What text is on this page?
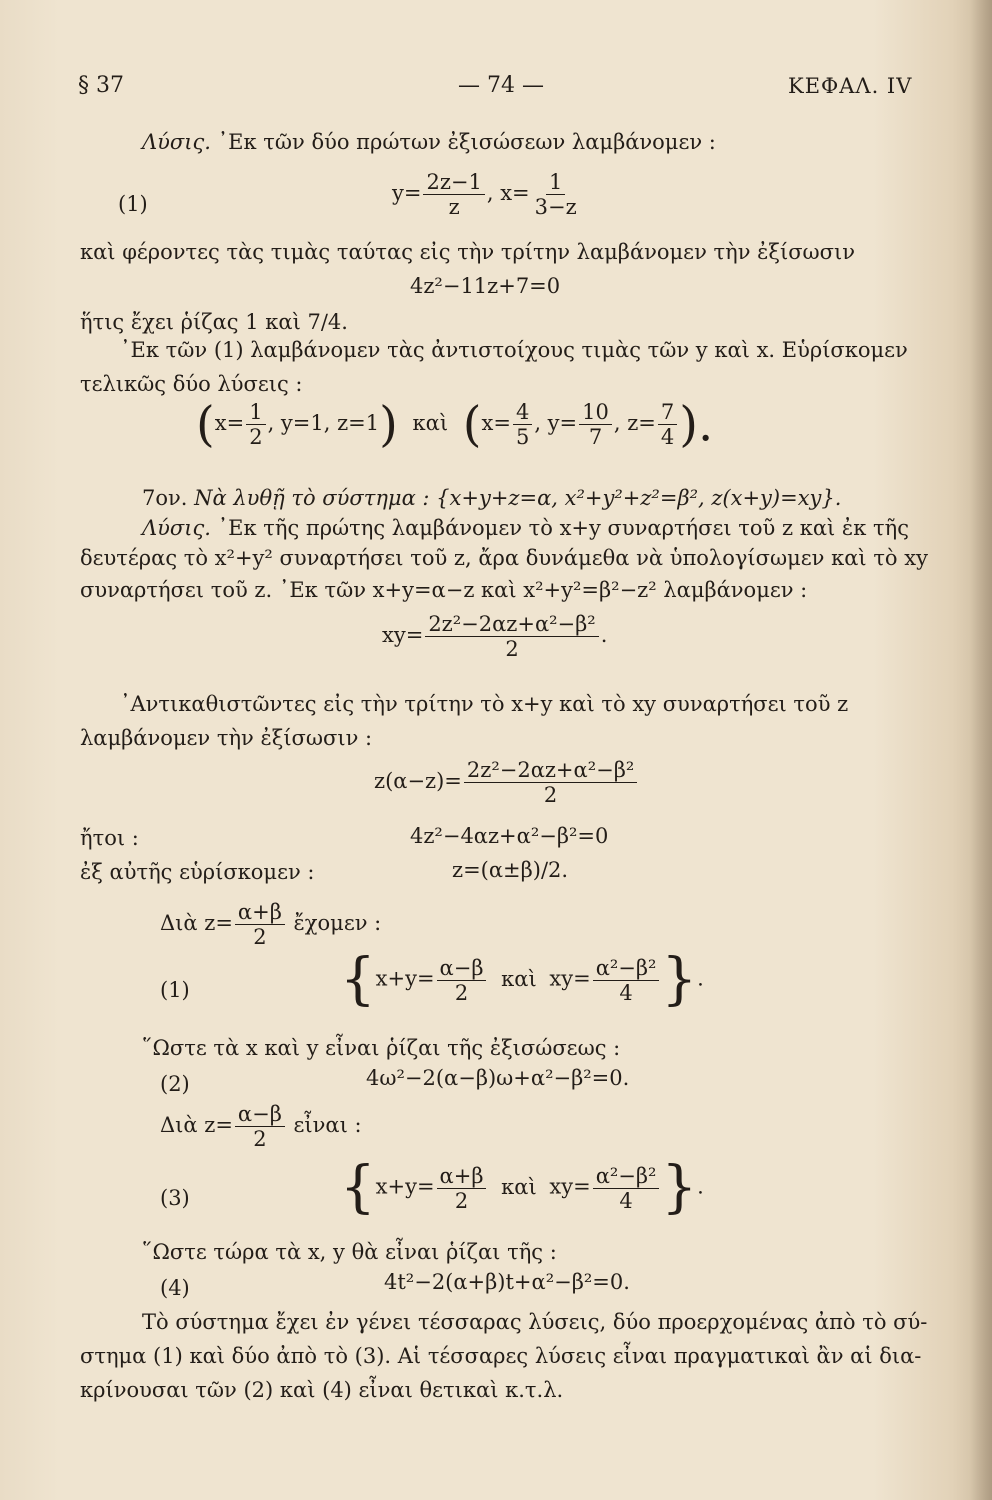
§ 37	— 74 —	ΚΕΦΑΛ. IV
Λύσις. ᾿Εκ τῶν δύο πρώτων ἐξισώσεων λαμβάνομεν :
(1)	$y= \frac{2z-1}{z}$ , $x= \frac{1}{3-z}$
καὶ φέροντες τὰς τιμὰς ταύτας εἰς τὴν τρίτην λαμβάνομεν τὴν ἐξίσωσιν
4z²−11z+7=0
ἥτις ἔχει ῥίζας 1 καὶ 7∕4.
᾿Εκ τῶν (1) λαμβάνομεν τὰς ἀντιστοίχους τιμὰς τῶν y καὶ x. Εὑρίσκομεν
τελικῶς δύο λύσεις :
($x= \frac{1}{2}$ , y=1, z=1) καὶ ($x= \frac{4}{5}$ , $y= \frac{10}{7}$ , $z= \frac{7}{4}$ ).
7ον. Νὰ λυθῇ τὸ σύστημα : {x+y+z=α, x²+y²+z²=β², z(x+y)=xy}.
Λύσις. ᾿Εκ τῆς πρώτης λαμβάνομεν τὸ x+y συναρτήσει τοῦ z καὶ ἐκ τῆς
δευτέρας τὸ x²+y² συναρτήσει τοῦ z, ἄρα δυνάμεθα νὰ ὑπολογίσωμεν καὶ τὸ xy
συναρτήσει τοῦ z. ᾿Εκ τῶν x+y=α−z καὶ x²+y²=β²−z² λαμβάνομεν :
$xy= \frac{\text{2z²−2αz+α²−β²}}{2}$ .
᾿Αντικαθιστῶντες εἰς τὴν τρίτην τὸ x+y καὶ τὸ xy συναρτήσει τοῦ z
λαμβάνομεν τὴν ἐξίσωσιν :
$z(\alpha-z)= \frac{\text{2z²−2αz+α²−β²}}{2}$
ἤτοι :	4z²−4αz+α²−β²=0
ἐξ αὐτῆς εὑρίσκομεν :	z=(α±β)∕2.
Διὰ $z= \frac{\alpha+\beta}{2}$ ἔχομεν :
(1)	{$x+y= \frac{\alpha-\beta}{2}$ καὶ $xy= \frac{\text{α²−β²}}{4}$ }.
῞Ωστε τὰ x καὶ y εἶναι ῥίζαι τῆς ἐξισώσεως :
(2)	4ω²−2(α−β)ω+α²−β²=0.
Διὰ $z= \frac{\alpha-\beta}{2}$ εἶναι :
(3)	{$x+y= \frac{\alpha+\beta}{2}$ καὶ $xy= \frac{\text{α²−β²}}{4}$ }.
῞Ωστε τώρα τὰ x, y θὰ εἶναι ῥίζαι τῆς :
(4)	4t²−2(α+β)t+α²−β²=0.
Τὸ σύστημα ἔχει ἐν γένει τέσσαρας λύσεις, δύο προερχομένας ἀπὸ τὸ σύ-
στημα (1) καὶ δύο ἀπὸ τὸ (3). Αἱ τέσσαρες λύσεις εἶναι πραγματικαὶ ἂν αἱ δια-
κρίνουσαι τῶν (2) καὶ (4) εἶναι θετικαὶ κ.τ.λ.
